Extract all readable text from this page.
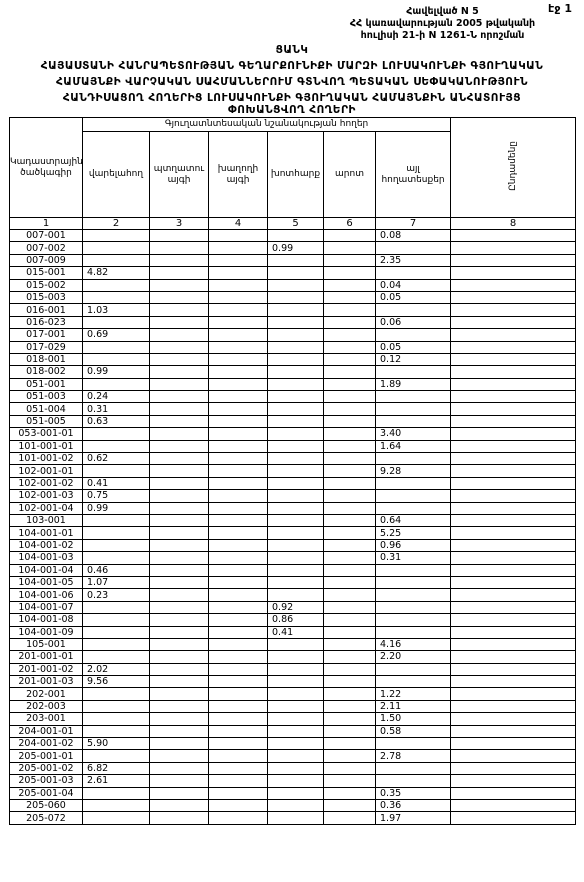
էջ 1
Հավելված N 5
ՀՀ կառավարության 2005 թվականի
հուլիսի 21-ի N 1261-Ն որոշման
ՑԱՆԿ
ՀԱՅԱՍՏԱՆԻ ՀԱՆՐԱՊԵՏՈՒԹՅԱՆ ԳԵՂԱՐՔՈՒՆԻՔԻ ՄԱՐԶԻ ԼՈՒՍԱԿՈՒՆՔԻ ԳՅՈՒՂԱԿԱՆ
ՀԱՄԱՅՆՔԻ ՎԱՐՉԱԿԱՆ ՍԱՀՄԱՆՆԵՐՈՒՄ ԳՏՆՎՈՂ ՊԵՏԱԿԱՆ ՍԵՓԱԿԱՆՈՒԹՅՈՒՆ
ՀԱՆԴԻՍԱՑՈՂ ՀՈՂԵՐԻՑ ԼՈՒՍԱԿՈՒՆՔԻ ԳՅՈՒՂԱԿԱՆ ՀԱՄԱՅՆՔԻՆ ԱՆՀԱՏՈՒՅՑ
ՓՈԽԱՆՑՎՈՂ ՀՈՂԵՐԻ
Կադաստրային ծածկագիր	Գյուղատնտեսական նշանակության հողեր						Ընդամենը
	վարելահող	պտղատու այգի	խաղողի այգի	խոտհարք	արոտ	այլ հողատեսքեր	
1	2	3	4	5	6	7	8
007-001						0.08	
007-002				0.99			
007-009						2.35	
015-001	4.82						
015-002						0.04	
015-003						0.05	
016-001	1.03						
016-023						0.06	
017-001	0.69						
017-029						0.05	
018-001						0.12	
018-002	0.99						
051-001						1.89	
051-003	0.24						
051-004	0.31						
051-005	0.63						
053-001-01						3.40	
101-001-01						1.64	
101-001-02	0.62						
102-001-01						9.28	
102-001-02	0.41						
102-001-03	0.75						
102-001-04	0.99						
103-001						0.64	
104-001-01						5.25	
104-001-02						0.96	
104-001-03						0.31	
104-001-04	0.46						
104-001-05	1.07						
104-001-06	0.23						
104-001-07				0.92			
104-001-08				0.86			
104-001-09				0.41			
105-001						4.16	
201-001-01						2.20	
201-001-02	2.02						
201-001-03	9.56						
202-001						1.22	
202-003						2.11	
203-001						1.50	
204-001-01						0.58	
204-001-02	5.90						
205-001-01						2.78	
205-001-02	6.82						
205-001-03	2.61						
205-001-04						0.35	
205-060						0.36	
205-072						1.97	
